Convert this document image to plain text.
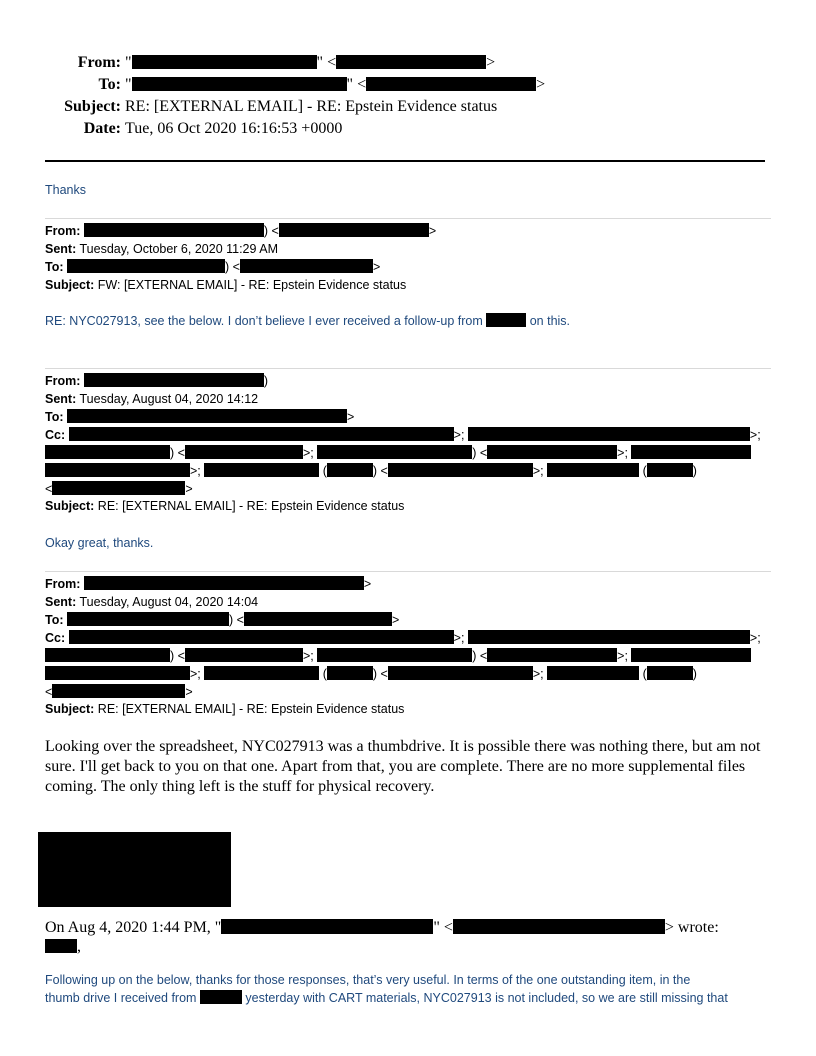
From: "	" <	>
To: "	" <	>
Subject: RE: [EXTERNAL EMAIL] - RE: Epstein Evidence status
Date: Tue, 06 Oct 2020 16:16:53 +0000
Thanks
From:	) <	>
Sent: Tuesday, October 6, 2020 11:29 AM
To:	) <	>
Subject: FW: [EXTERNAL EMAIL] - RE: Epstein Evidence status
RE: NYC027913, see the below. I don’t believe I ever received a follow-up from	on this.
From:	)
Sent: Tuesday, August 04, 2020 14:12
To:	>
Cc:	>;	>;
) <	>;	) <	>;
>;	(	) <	>;	(	)
<	>
Subject: RE: [EXTERNAL EMAIL] - RE: Epstein Evidence status
Okay great, thanks.
From:	>
Sent: Tuesday, August 04, 2020 14:04
To:	) <	>
Cc:	>;	>;
) <	>;	) <	>;
>;	(	) <	>;	(	)
<	>
Subject: RE: [EXTERNAL EMAIL] - RE: Epstein Evidence status
Looking over the spreadsheet, NYC027913 was a thumbdrive. It is possible there was nothing there, but am not sure. I'll get back to you on that one. Apart from that, you are complete. There are no more supplemental files coming. The only thing left is the stuff for physical recovery.
On Aug 4, 2020 1:44 PM, "	" <	> wrote:
,
Following up on the below, thanks for those responses, that’s very useful. In terms of the one outstanding item, in the
thumb drive I received from	yesterday with CART materials, NYC027913 is not included, so we are still missing that
